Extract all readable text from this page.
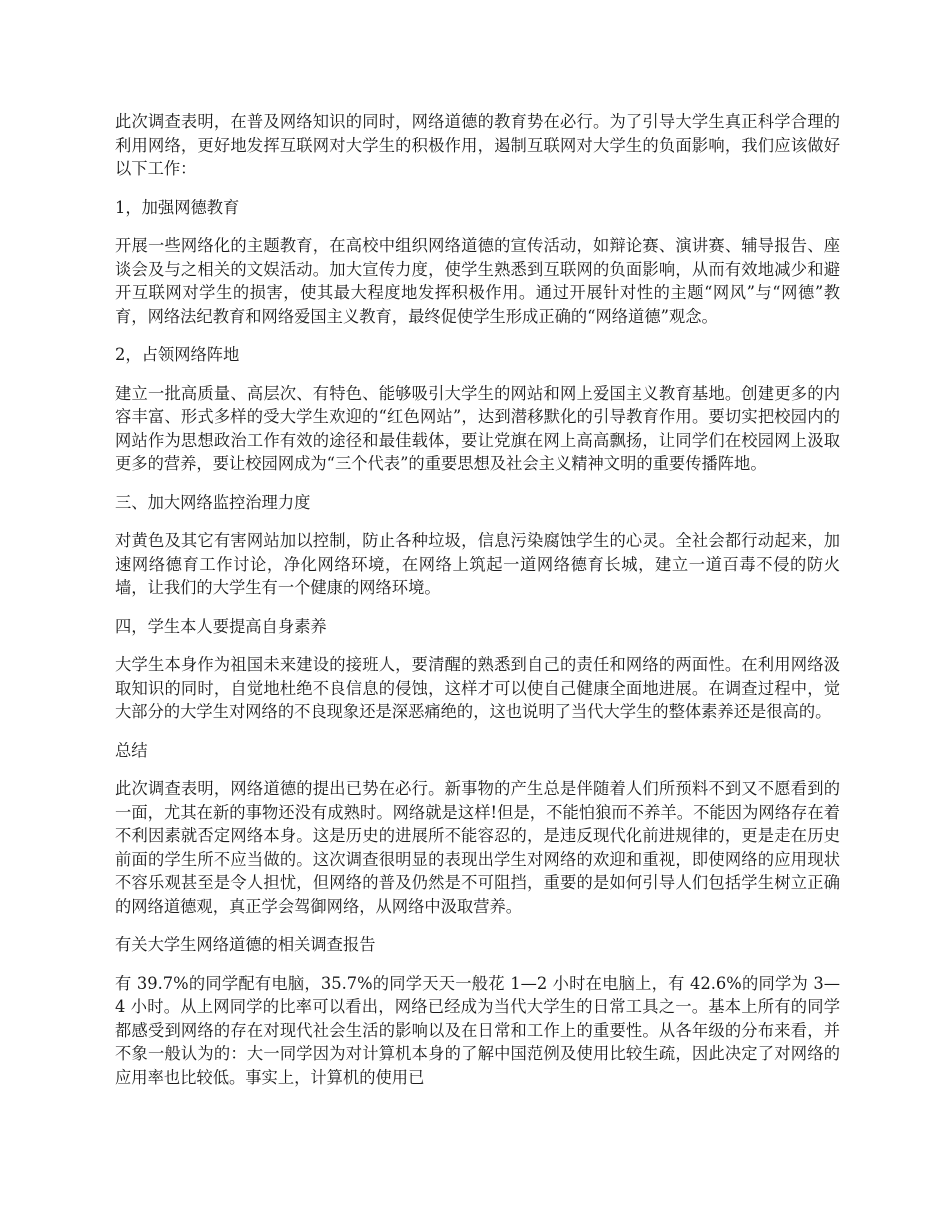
此次调查表明，在普及网络知识的同时，网络道德的教育势在必行。为了引导大学生真正科学合理的利用网络，更好地发挥互联网对大学生的积极作用，遏制互联网对大学生的负面影响，我们应该做好以下工作：

1，加强网德教育

开展一些网络化的主题教育，在高校中组织网络道德的宣传活动，如辩论赛、演讲赛、辅导报告、座谈会及与之相关的文娱活动。加大宣传力度，使学生熟悉到互联网的负面影响，从而有效地减少和避开互联网对学生的损害，使其最大程度地发挥积极作用。通过开展针对性的主题“网风”与“网德”教育，网络法纪教育和网络爱国主义教育，最终促使学生形成正确的“网络道德”观念。

2，占领网络阵地

建立一批高质量、高层次、有特色、能够吸引大学生的网站和网上爱国主义教育基地。创建更多的内容丰富、形式多样的受大学生欢迎的“红色网站”，达到潜移默化的引导教育作用。要切实把校园内的网站作为思想政治工作有效的途径和最佳载体，要让党旗在网上高高飘扬，让同学们在校园网上汲取更多的营养，要让校园网成为“三个代表”的重要思想及社会主义精神文明的重要传播阵地。

三、加大网络监控治理力度

对黄色及其它有害网站加以控制，防止各种垃圾，信息污染腐蚀学生的心灵。全社会都行动起来，加速网络德育工作讨论，净化网络环境，在网络上筑起一道网络德育长城，建立一道百毒不侵的防火墙，让我们的大学生有一个健康的网络环境。

四，学生本人要提高自身素养

大学生本身作为祖国未来建设的接班人，要清醒的熟悉到自己的责任和网络的两面性。在利用网络汲取知识的同时，自觉地杜绝不良信息的侵蚀，这样才可以使自己健康全面地进展。在调查过程中，觉大部分的大学生对网络的不良现象还是深恶痛绝的，这也说明了当代大学生的整体素养还是很高的。

总结

此次调查表明，网络道德的提出已势在必行。新事物的产生总是伴随着人们所预料不到又不愿看到的一面，尤其在新的事物还没有成熟时。网络就是这样!但是，不能怕狼而不养羊。不能因为网络存在着不利因素就否定网络本身。这是历史的进展所不能容忍的，是违反现代化前进规律的，更是走在历史前面的学生所不应当做的。这次调查很明显的表现出学生对网络的欢迎和重视，即使网络的应用现状不容乐观甚至是令人担忧，但网络的普及仍然是不可阻挡，重要的是如何引导人们包括学生树立正确的网络道德观，真正学会驾御网络，从网络中汲取营养。

有关大学生网络道德的相关调查报告

有 39.7%的同学配有电脑，35.7%的同学天天一般花 1—2 小时在电脑上，有 42.6%的同学为 3—4 小时。从上网同学的比率可以看出，网络已经成为当代大学生的日常工具之一。基本上所有的同学都感受到网络的存在对现代社会生活的影响以及在日常和工作上的重要性。从各年级的分布来看，并不象一般认为的：大一同学因为对计算机本身的了解中国范例及使用比较生疏，因此决定了对网络的应用率也比较低。事实上，计算机的使用已
